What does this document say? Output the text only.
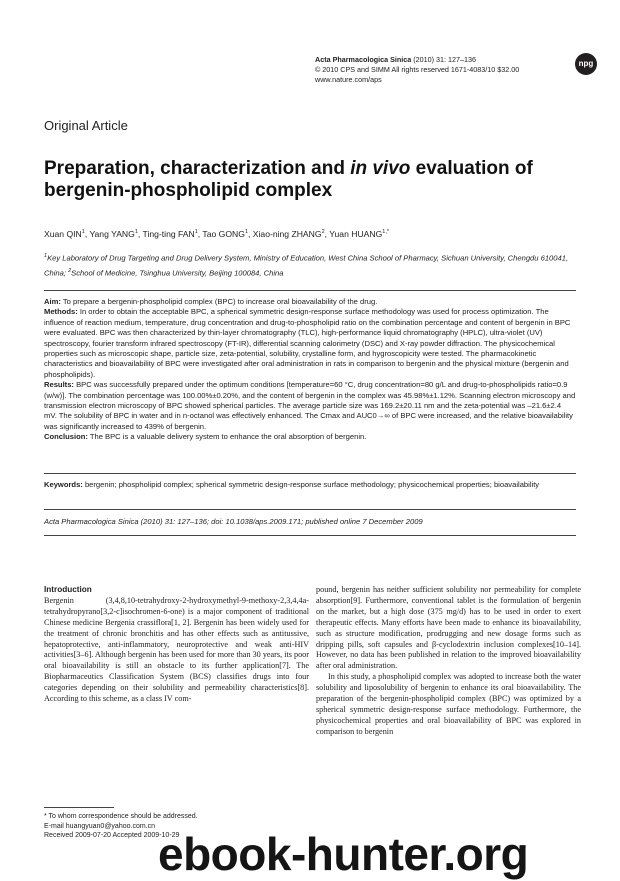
Acta Pharmacologica Sinica (2010) 31: 127–136
© 2010 CPS and SIMM All rights reserved 1671-4083/10 $32.00
www.nature.com/aps
npg
Original Article
Preparation, characterization and in vivo evaluation of bergenin-phospholipid complex
Xuan QIN$^1$, Yang YANG$^1$, Ting-ting FAN$^1$, Tao GONG$^1$, Xiao-ning ZHANG$^2$, Yuan $HUANG^{1,*}$
$^1$Key Laboratory of Drug Targeting and Drug Delivery System, Ministry of Education, West China School of Pharmacy, Sichuan University, Chengdu 610041, China; $^2$School of Medicine, Tsinghua University, Beijing 100084, China

Aim: To prepare a bergenin-phospholipid complex (BPC) to increase oral bioavailability of the drug.

Methods: In order to obtain the acceptable BPC, a spherical symmetric design-response surface methodology was used for process optimization. The influence of reaction medium, temperature, drug concentration and drug-to-phospholipid ratio on the combination percentage and content of bergenin in BPC were evaluated. BPC was then characterized by thin-layer chromatography (TLC), high-performance liquid chromatography (HPLC), ultra-violet (UV) spectroscopy, fourier transform infrared spectroscopy (FT-IR), differential scanning calorimetry (DSC) and X-ray powder diffraction. The physicochemical properties such as microscopic shape, particle size, zeta-potential, solubility, crystalline form, and hygroscopicity were tested. The pharmacokinetic characteristics and bioavailability of BPC were investigated after oral administration in rats in comparison to bergenin and the physical mixture (bergenin and phospholipids).

Results: BPC was successfully prepared under the optimum conditions [temperature=60 °C, drug concentration=80 g/L and drug-to-phospholipids ratio=0.9 (w/w)]. The combination percentage was 100.00%±0.20%, and the content of bergenin in the complex was 45.98%±1.12%. Scanning electron microscopy and transmission electron microscopy of BPC showed spherical particles. The average particle size was 169.2±20.11 nm and the zeta-potential was –21.6±2.4 mV. The solubility of BPC in water and in n-octanol was effectively enhanced. The Cmax and AUC0→∞ of BPC were increased, and the relative bioavailability was significantly increased to 439% of bergenin.

Conclusion: The BPC is a valuable delivery system to enhance the oral absorption of bergenin.

Keywords: bergenin; phospholipid complex; spherical symmetric design-response surface methodology; physicochemical properties; bioavailability
Acta Pharmacologica Sinica (2010) 31: 127–136; doi: 10.1038/aps.2009.171; published online 7 December 2009
Introduction

Bergenin (3,4,8,10-tetrahydroxy-2-hydroxymethyl-9-methoxy-2,3,4,4a-tetrahydropyrano[3,2-c]isochromen-6-one) is a major component of traditional Chinese medicine Bergenia crassiflora[1, 2]. Bergenin has been widely used for the treatment of chronic bronchitis and has other effects such as antitussive, hepatoprotective, anti-inflammatory, neuroprotective and weak anti-HIV activities[3–6]. Although bergenin has been used for more than 30 years, its poor oral bioavailability is still an obstacle to its further application[7]. The Biopharmaceutics Classification System (BCS) classifies drugs into four categories depending on their solubility and permeability characteristics[8]. According to this scheme, as a class IV com-

pound, bergenin has neither sufficient solubility nor permeability for complete absorption[9]. Furthermore, conventional tablet is the formulation of bergenin on the market, but a high dose (375 mg/d) has to be used in order to exert therapeutic effects. Many efforts have been made to enhance its bioavailability, such as structure modification, prodrugging and new dosage forms such as dripping pills, soft capsules and β-cyclodextrin inclusion complexes[10–14]. However, no data has been published in relation to the improved bioavailability after oral administration.

In this study, a phospholipid complex was adopted to increase both the water solubility and liposolubility of bergenin to enhance its oral bioavailability. The preparation of the bergenin-phospholipid complex (BPC) was optimized by a spherical symmetric design-response surface methodology. Furthermore, the physicochemical properties and oral bioavailability of BPC was explored in comparison to bergenin

* To whom correspondence should be addressed.
E-mail huangyuan0@yahoo.com.cn
Received 2009-07-20 Accepted 2009-10-29
ebook-hunter.org
